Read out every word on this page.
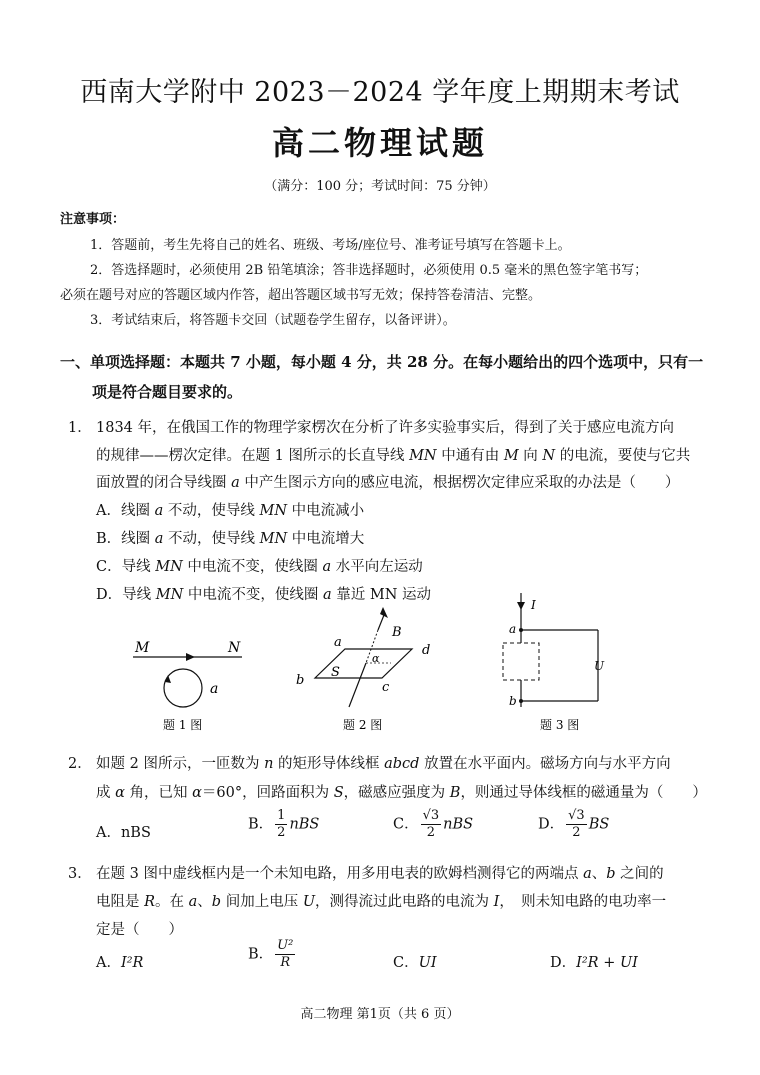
西南大学附中 2023－2024 学年度上期期末考试
高二物理试题
（满分：100 分；考试时间：75 分钟）
注意事项：
1．答题前，考生先将自己的姓名、班级、考场/座位号、准考证号填写在答题卡上。
2．答选择题时，必须使用 2B 铅笔填涂；答非选择题时，必须使用 0.5 毫米的黑色签字笔书写；
必须在题号对应的答题区域内作答，超出答题区域书写无效；保持答卷清洁、完整。
3．考试结束后，将答题卡交回（试题卷学生留存，以备评讲）。
一、单项选择题：本题共 7 小题，每小题 4 分，共 28 分。在每小题给出的四个选项中，只有一
项是符合题目要求的。
1． 1834 年，在俄国工作的物理学家楞次在分析了许多实验事实后，得到了关于感应电流方向
的规律——楞次定律。在题 1 图所示的长直导线 MN 中通有由 M 向 N 的电流，要使与它共
面放置的闭合导线圈 a 中产生图示方向的感应电流，根据楞次定律应采取的办法是（　　）
A．线圈 a 不动，使导线 MN 中电流减小
B．线圈 a 不动，使导线 MN 中电流增大
C．导线 MN 中电流不变，使线圈 a 水平向左运动
D．导线 MN 中电流不变，使线圈 a 靠近 MN 运动
M	N
a
题 1 图
a
b	c
d
B
S
α
题 2 图
I
a
b
U
题 3 图
2． 如题 2 图所示，一匝数为 n 的矩形导体线框 abcd 放置在水平面内。磁场方向与水平方向
成 α 角，已知 α＝60°，回路面积为 S，磁感应强度为 B，则通过导体线框的磁通量为（　　）
A．nBS
B． $\frac{1}{2}$ nBS	C． $\frac{√3}{2}$ nBS	D． $\frac{√3}{2}$ BS
3． 在题 3 图中虚线框内是一个未知电路，用多用电表的欧姆档测得它的两端点 a、b 之间的
电阻是 R。在 a、b 间加上电压 U，测得流过此电路的电流为 I，　则未知电路的电功率一
定是（　　）
A．I²R
B． $\frac{\text{U²}}{R}$	C．UI	D．I²R + UI
高二物理 第1页（共 6 页）
